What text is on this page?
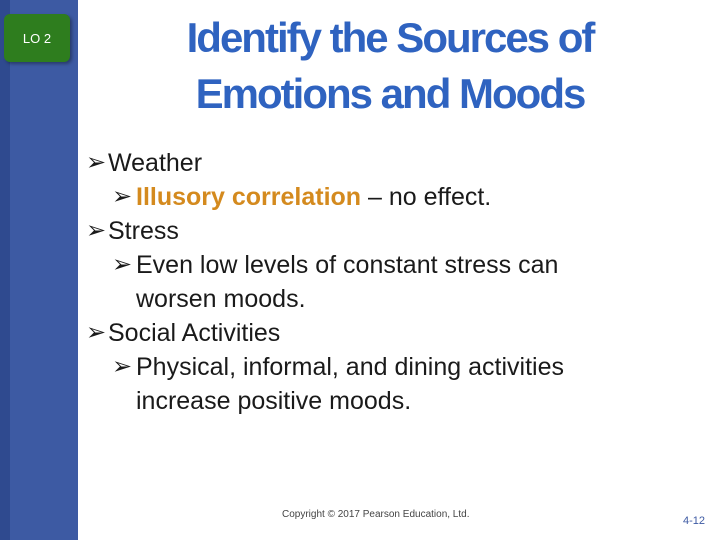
LO 2	Identify the Sources of
Emotions and Moods
➢ Weather
➢ Illusory correlation – no effect.
➢ Stress
➢ Even low levels of constant stress can
worsen moods.
➢ Social Activities
➢ Physical, informal, and dining activities
increase positive moods.
Copyright © 2017 Pearson Education, Ltd.
4-12
